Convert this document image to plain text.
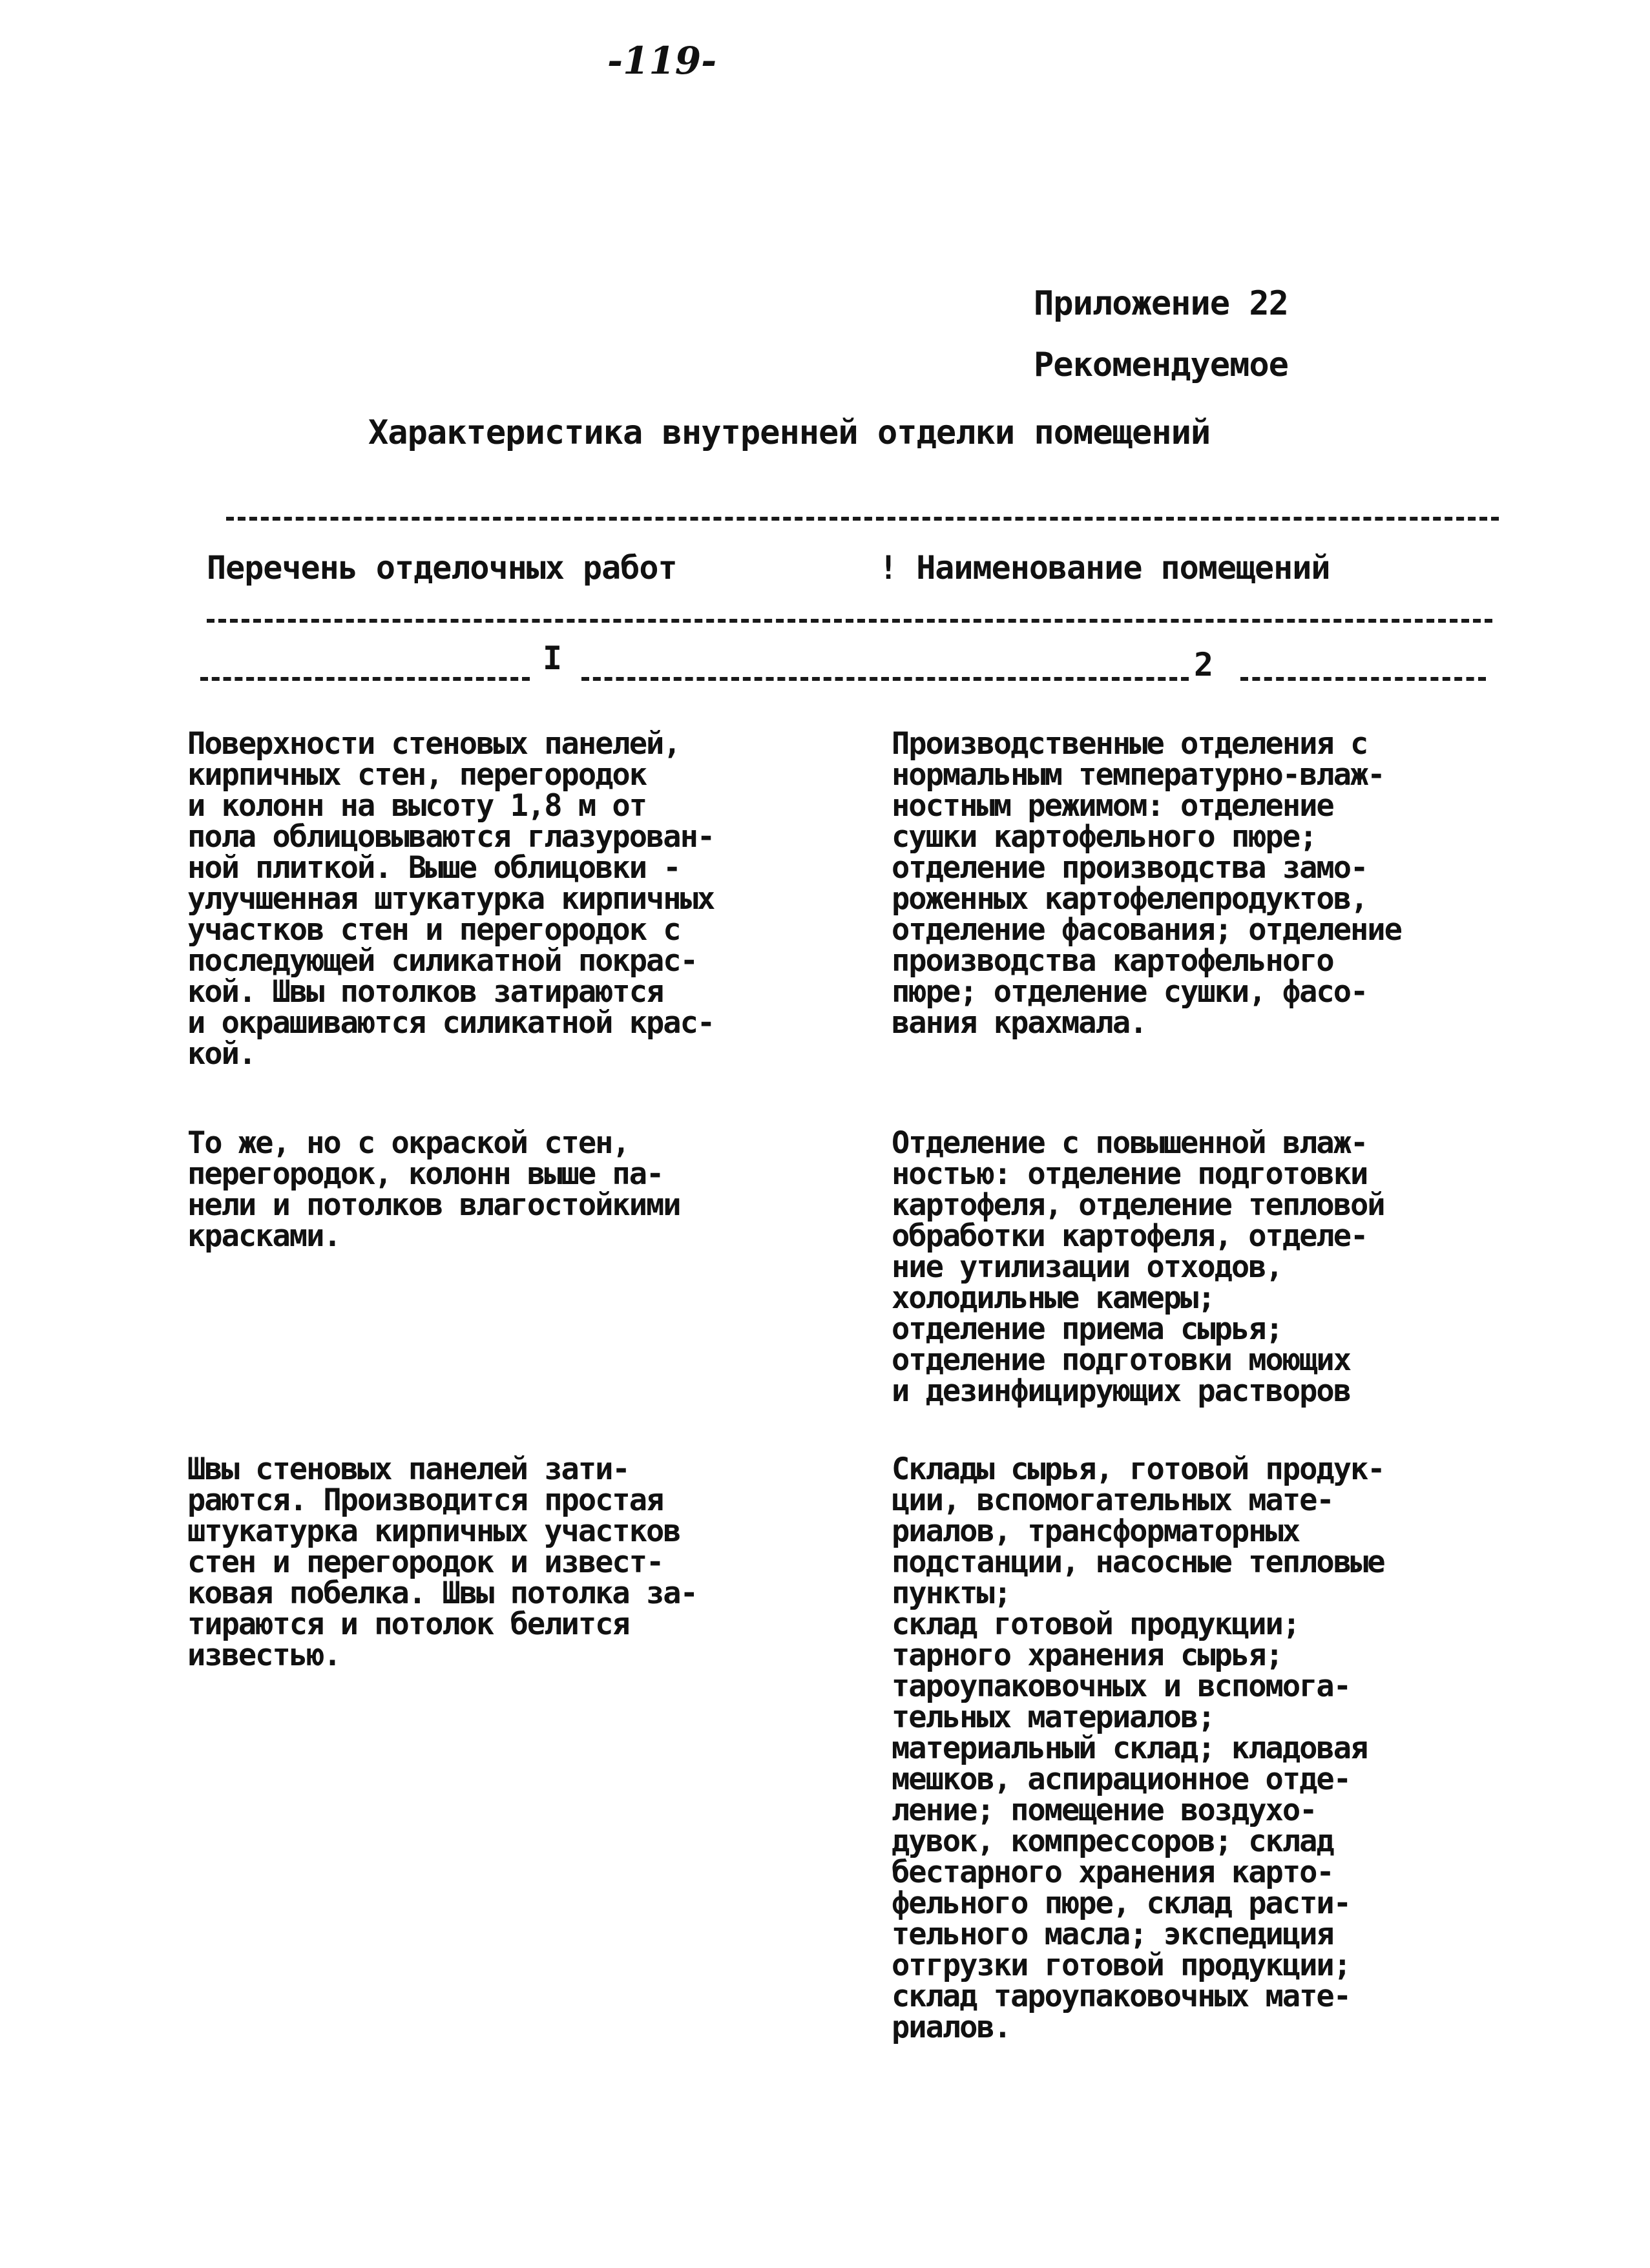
-119-
Приложение 22
Рекомендуемое
Характеристика внутренней отделки помещений
Перечень отделочных работ	! Наименование помещений
I	2
Поверхности стеновых панелей,
кирпичных стен, перегородок
и колонн на высоту 1,8 м от
пола облицовываются глазурован-
ной плиткой. Выше облицовки -
улучшенная штукатурка кирпичных
участков стен и перегородок с
последующей силикатной покрас-
кой. Швы потолков затираются
и окрашиваются силикатной крас-
кой.
Производственные отделения с
нормальным температурно-влаж-
ностным режимом: отделение
сушки картофельного пюре;
отделение производства замо-
роженных картофелепродуктов,
отделение фасования; отделение
производства картофельного
пюре; отделение сушки, фасо-
вания крахмала.
То же, но с окраской стен,
перегородок, колонн выше па-
нели и потолков влагостойкими
красками.
Отделение с повышенной влаж-
ностью: отделение подготовки
картофеля, отделение тепловой
обработки картофеля, отделе-
ние утилизации отходов,
холодильные камеры;
отделение приема сырья;
отделение подготовки моющих
и дезинфицирующих растворов
Швы стеновых панелей зати-
раются. Производится простая
штукатурка кирпичных участков
стен и перегородок и извест-
ковая побелка. Швы потолка за-
тираются и потолок белится
известью.
Склады сырья, готовой продук-
ции, вспомогательных мате-
риалов, трансформаторных
подстанции, насосные тепловые
пункты;
склад готовой продукции;
тарного хранения сырья;
тароупаковочных и вспомога-
тельных материалов;
материальный склад; кладовая
мешков, аспирационное отде-
ление; помещение воздухо-
дувок, компрессоров; склад
бестарного хранения карто-
фельного пюре, склад расти-
тельного масла; экспедиция
отгрузки готовой продукции;
склад тароупаковочных мате-
риалов.
